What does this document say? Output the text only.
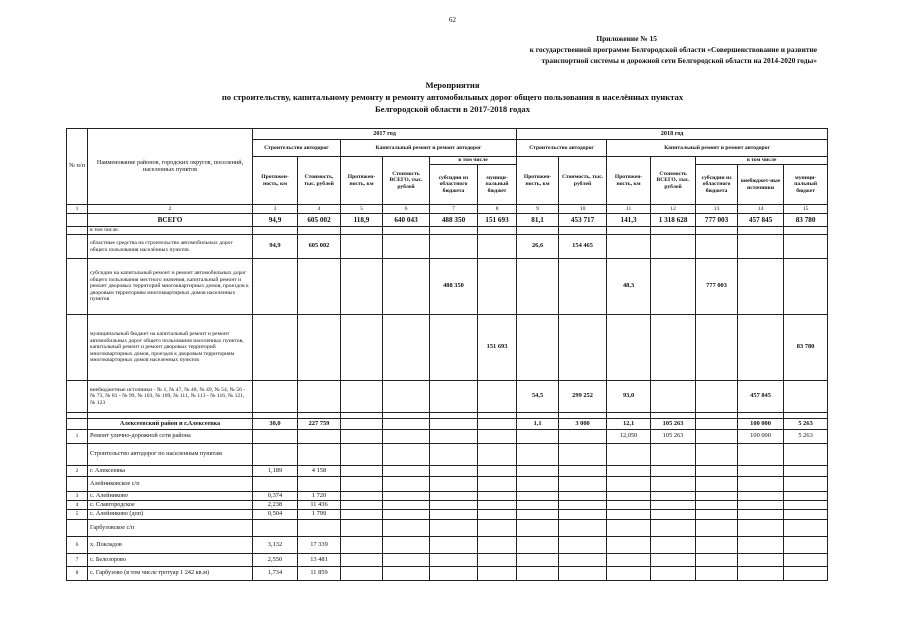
62
Приложение № 15
к государственной программе Белгородской области «Совершенствование и развитие
транспортной системы и дорожной сети Белгородской области на 2014-2020 годы»
Мероприятия
по строительству, капитальному ремонту и ремонту автомобильных дорог общего пользования в населённых пунктах
Белгородской области в 2017-2018 годах
№ п/п	Наименование районов, городских округов, поселений, населенных пунктов	2017 год						2018 год						
		Строительство автодорог		Капитальный ремонт и ремонт автодорог				Строительство автодорог		Капитальный ремонт и ремонт автодорог				
		Протяжен-ность, км	Стоимость, тыс. рублей	Протяжен-ность, км	Стоимость ВСЕГО, тыс. рублей	в том числе		Протяжен-ность, км	Стоимость, тыс. рублей	Протяжен-ность, км	Стоимость ВСЕГО, тыс. рублей	в том числе		
						субсидии из областного бюджета	муници-пальный бюджет					субсидии из областного бюджета	внебюджет-ные источники	муници-пальный бюджет
1	2	3	4	5	6	7	8	9	10	11	12	13	14	15
	ВСЕГО	94,9	605 002	118,9	640 043	488 350	151 693	81,1	453 717	141,3	1 318 628	777 003	457 845	83 780
	в том числе:													
	областные средства на строительство автомобильных дорог общего пользования населённых пунктов	94,9	605 002					26,6	154 465					
	субсидии на капитальный ремонт и ремонт автомобильных дорог общего пользования местного значения, капитальный ремонт и ремонт дворовых территорий многоквартирных домов, проездов к дворовым территориям многоквартирных домов населенных пунктов					488 350				48,3		777 003		
	муниципальный бюджет на капитальный ремонт и ремонт автомобильных дорог общего пользования населенных пунктов, капитальный ремонт и ремонт дворовых территорий многоквартирных домов, проездов к дворовым территориям многоквартирных домов населенных пунктов						151 693							83 780
	внебюджетные источники - № 1, № 47, № 48, № 49, № 54, № 56 - № 73, № 81 - № 99, № 103, № 109, № 111, № 113 - № 116, № 121, № 123							54,5	299 252	93,0			457 845	

	Алексеевский район и г.Алексеевка	30,0	227 759					1,1	3 000	12,1	105 263		100 000	5 263
1	Ремонт улично-дорожной сети района									12,050	105 263		100 000	5 263
	Строительство автодорог по населенным пунктам													
2	г. Алексеевка	1,189	4 158											
	Алейниковское с/п													
3	с. Алейниково	0,374	1 720											
4	с. Славгородское	2,238	11 436											
5	с. Алейниково (доп)	0,504	1 799											
	Гарбузовское с/п													
6	х. Покладов	3,132	17 339											
7	с. Белозорово	2,550	13 481											
8	с. Гарбузово (в том числе тротуар 1 242 кв.м)	1,734	11 859											
